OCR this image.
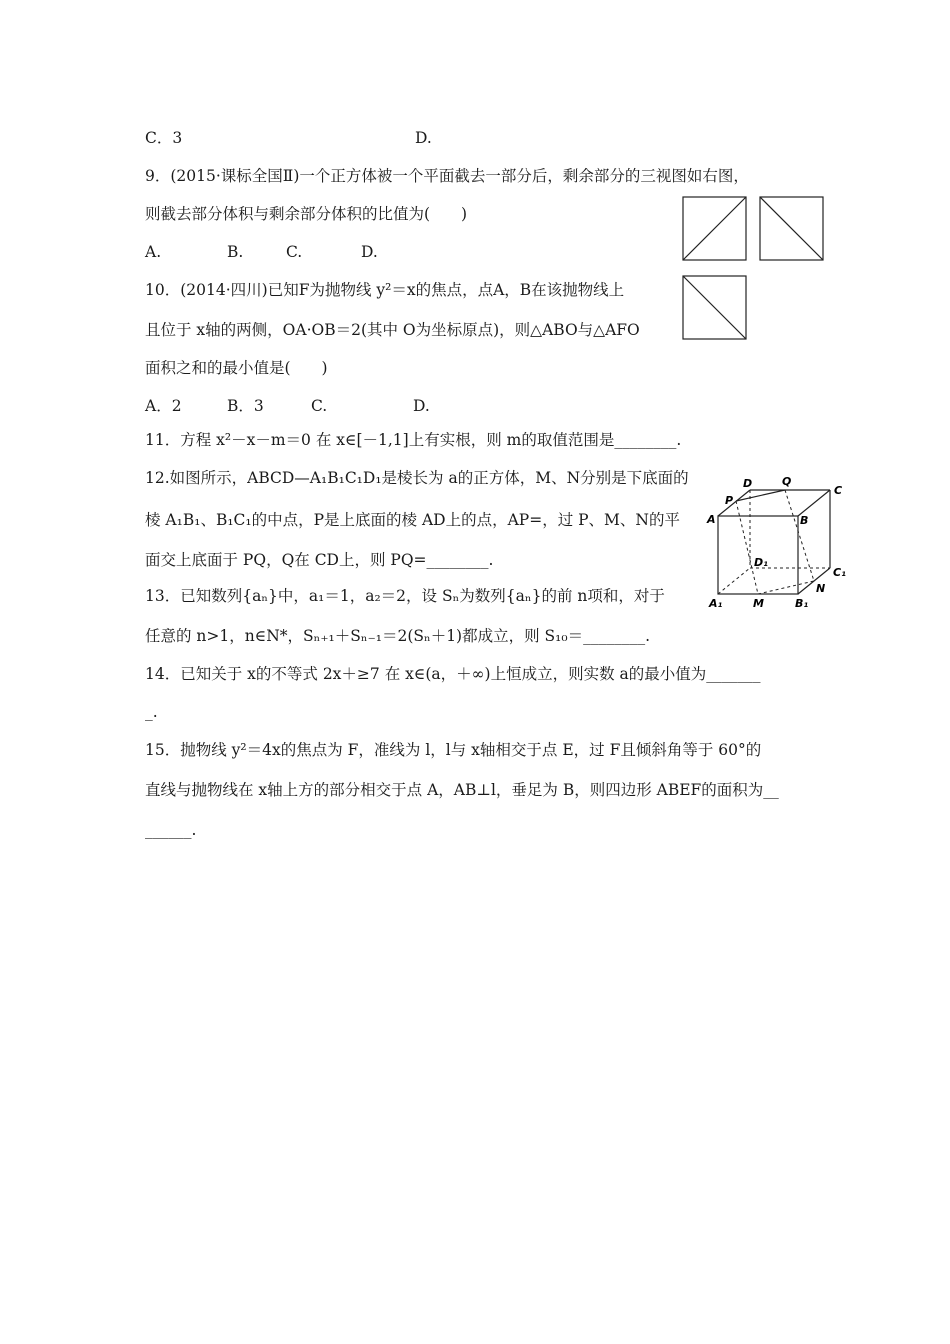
C．3	D.
9．(2015·课标全国Ⅱ)一个正方体被一个平面截去一部分后，剩余部分的三视图如右图，
则截去部分体积与剩余部分体积的比值为(　　)
A.	B.	C.	D.
10．(2014·四川)已知F为抛物线 y²＝x的焦点，点A，B在该抛物线上
且位于 x轴的两侧，OA·OB＝2(其中 O为坐标原点)，则△ABO与△AFO
面积之和的最小值是(　　)
A．2	B．3	C.	D.
11．方程 x²－x－m＝0 在 x∈[－1,1]上有实根，则 m的取值范围是________.
12.如图所示，ABCD—A₁B₁C₁D₁是棱长为 a的正方体，M、N分别是下底面的
棱 A₁B₁、B₁C₁的中点，P是上底面的棱 AD上的点，AP=，过 P、M、N的平
面交上底面于 PQ，Q在 CD上，则 PQ=________.
D	Q
C
P
A	B
D₁
C₁
N
A₁	M	B₁
13．已知数列{aₙ}中，a₁＝1，a₂＝2，设 Sₙ为数列{aₙ}的前 n项和，对于
任意的 n>1，n∈N*，Sₙ₊₁＋Sₙ₋₁＝2(Sₙ＋1)都成立，则 S₁₀＝________.
14．已知关于 x的不等式 2x＋≥7 在 x∈(a，＋∞)上恒成立，则实数 a的最小值为_______
_.
15．抛物线 y²＝4x的焦点为 F，准线为 l，l与 x轴相交于点 E，过 F且倾斜角等于 60°的
直线与抛物线在 x轴上方的部分相交于点 A，AB⊥l，垂足为 B，则四边形 ABEF的面积为__
______.
